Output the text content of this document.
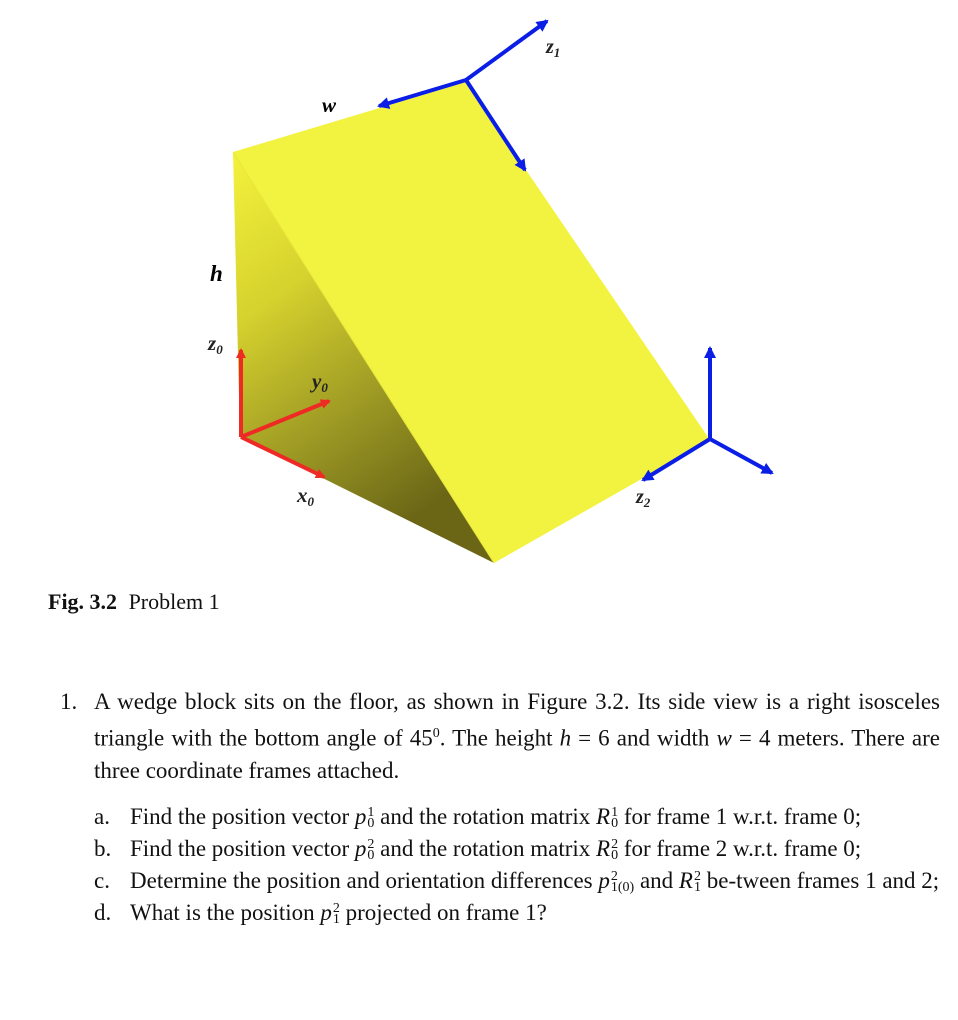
w
h
z0
y0
x0
$z_1$
$z_2$
Fig. 3.2 Problem 1
1. A wedge block sits on the floor, as shown in Figure 3.2. Its side view is a right isosceles triangle with the bottom angle of $45^0$. The height h = 6 and width w = 4 meters. There are three coordinate frames attached.
a. Find the position vector p 1
0 and the rotation matrix R 1
0 for frame 1 w.r.t. frame 0;
b. Find the position vector p 2
0 and the rotation matrix R 2
0 for frame 2 w.r.t. frame 0;
c. Determine the position and orientation differences p 2
1(0) and R 2
1 be-tween frames 1 and 2;
d. What is the position p 2
1 projected on frame 1?
